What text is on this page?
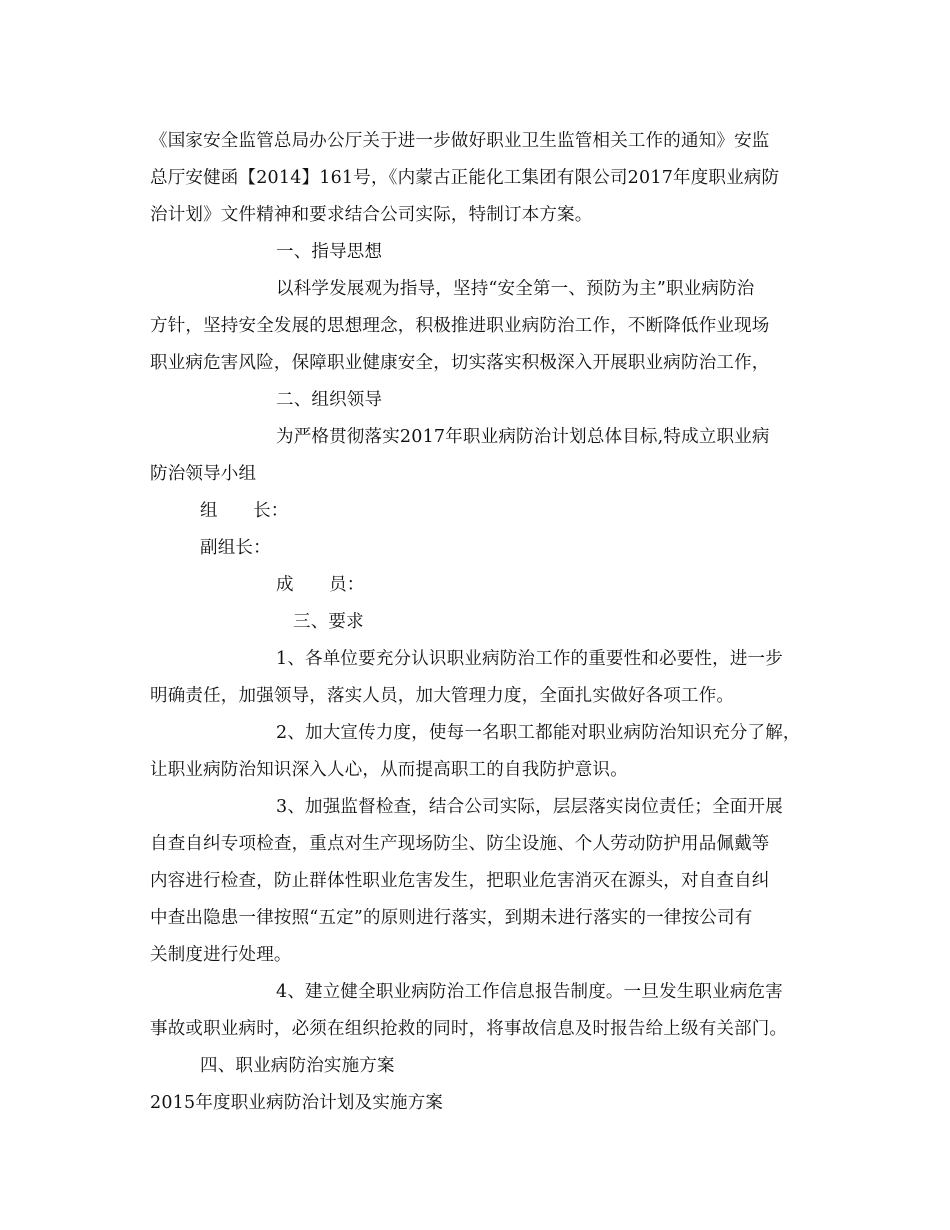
《国家安全监管总局办公厅关于进一步做好职业卫生监管相关工作的通知》安监
总厅安健函【2014】161号，《内蒙古正能化工集团有限公司2017年度职业病防
治计划》文件精神和要求结合公司实际，特制订本方案。
一、指导思想
以科学发展观为指导，坚持“安全第一、预防为主”职业病防治
方针，坚持安全发展的思想理念，积极推进职业病防治工作，不断降低作业现场
职业病危害风险，保障职业健康安全，切实落实积极深入开展职业病防治工作，
二、组织领导
为严格贯彻落实2017年职业病防治计划总体目标,特成立职业病
防治领导小组
组　　长：
副组长：
成　　员：
三、要求
1、各单位要充分认识职业病防治工作的重要性和必要性，进一步
明确责任，加强领导，落实人员，加大管理力度，全面扎实做好各项工作。
2、加大宣传力度，使每一名职工都能对职业病防治知识充分了解，
让职业病防治知识深入人心，从而提高职工的自我防护意识。
3、加强监督检查，结合公司实际，层层落实岗位责任；全面开展
自查自纠专项检查，重点对生产现场防尘、防尘设施、个人劳动防护用品佩戴等
内容进行检查，防止群体性职业危害发生，把职业危害消灭在源头，对自查自纠
中查出隐患一律按照“五定”的原则进行落实，到期未进行落实的一律按公司有
关制度进行处理。
4、建立健全职业病防治工作信息报告制度。一旦发生职业病危害
事故或职业病时，必须在组织抢救的同时，将事故信息及时报告给上级有关部门。
四、职业病防治实施方案
2015年度职业病防治计划及实施方案
